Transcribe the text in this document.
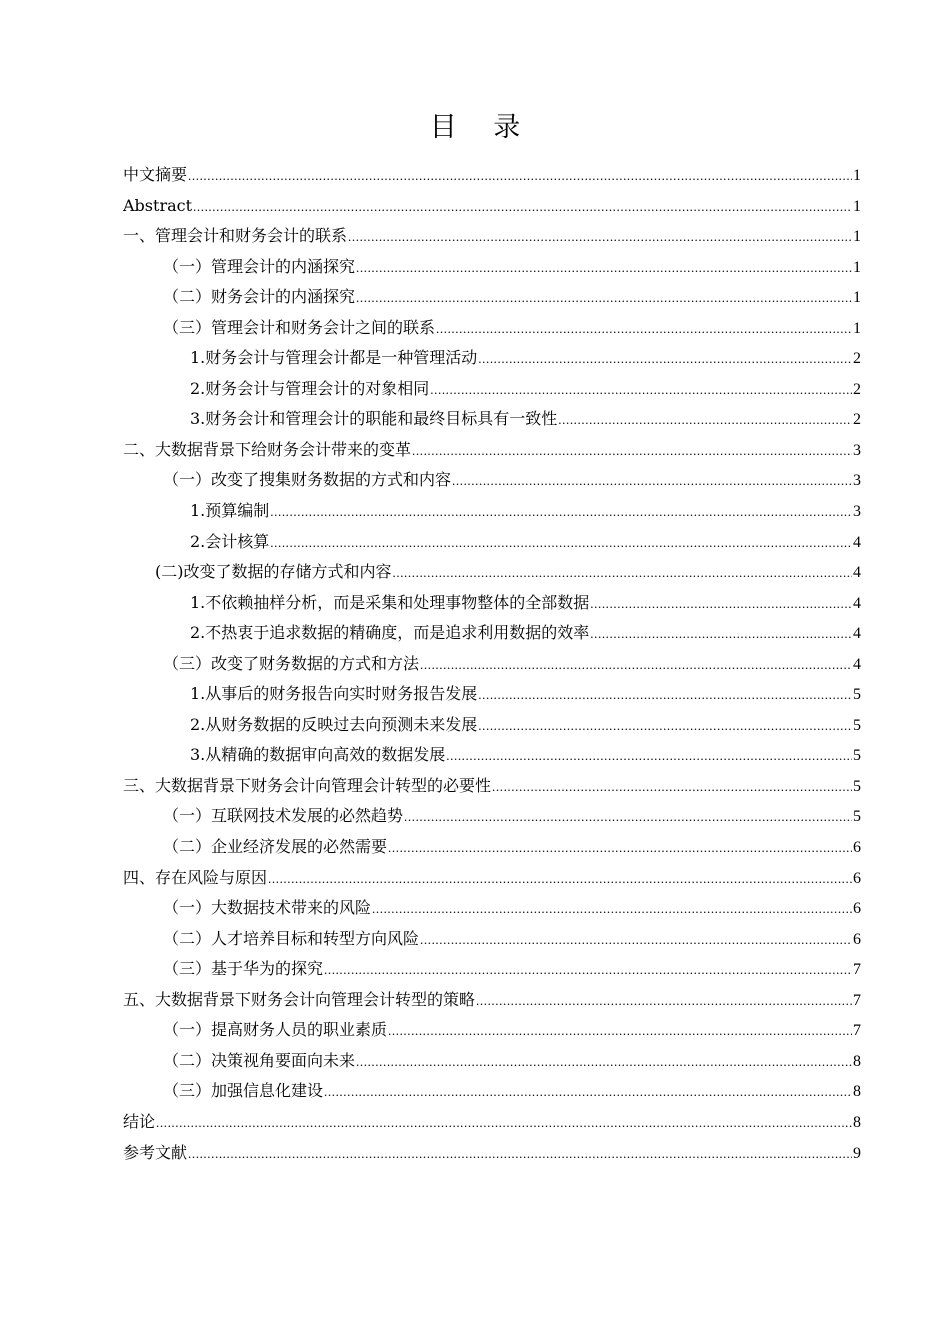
目 录
中文摘要 .....	1
Abstract .....	1
一、管理会计和财务会计的联系 .....	1
（一）管理会计的内涵探究 .....	1
（二）财务会计的内涵探究 .....	1
（三）管理会计和财务会计之间的联系 .....	1
1.财务会计与管理会计都是一种管理活动 .....	2
2.财务会计与管理会计的对象相同 .....	2
3.财务会计和管理会计的职能和最终目标具有一致性 .....	2
二、大数据背景下给财务会计带来的变革 .....	3
（一）改变了搜集财务数据的方式和内容 .....	3
1.预算编制 .....	3
2.会计核算 .....	4
(二)改变了数据的存储方式和内容 .....	4
1.不依赖抽样分析，而是采集和处理事物整体的全部数据 .....	4
2.不热衷于追求数据的精确度，而是追求利用数据的效率 .....	4
（三）改变了财务数据的方式和方法 .....	4
1.从事后的财务报告向实时财务报告发展 .....	5
2.从财务数据的反映过去向预测未来发展 .....	5
3.从精确的数据审向高效的数据发展 .....	5
三、大数据背景下财务会计向管理会计转型的必要性 .....	5
（一）互联网技术发展的必然趋势 .....	5
（二）企业经济发展的必然需要 .....	6
四、存在风险与原因 .....	6
（一）大数据技术带来的风险 .....	6
（二）人才培养目标和转型方向风险 .....	6
（三）基于华为的探究 .....	7
五、大数据背景下财务会计向管理会计转型的策略 .....	7
（一）提高财务人员的职业素质 .....	7
（二）决策视角要面向未来 .....	8
（三）加强信息化建设 .....	8
结论 .....	8
参考文献 .....	9
